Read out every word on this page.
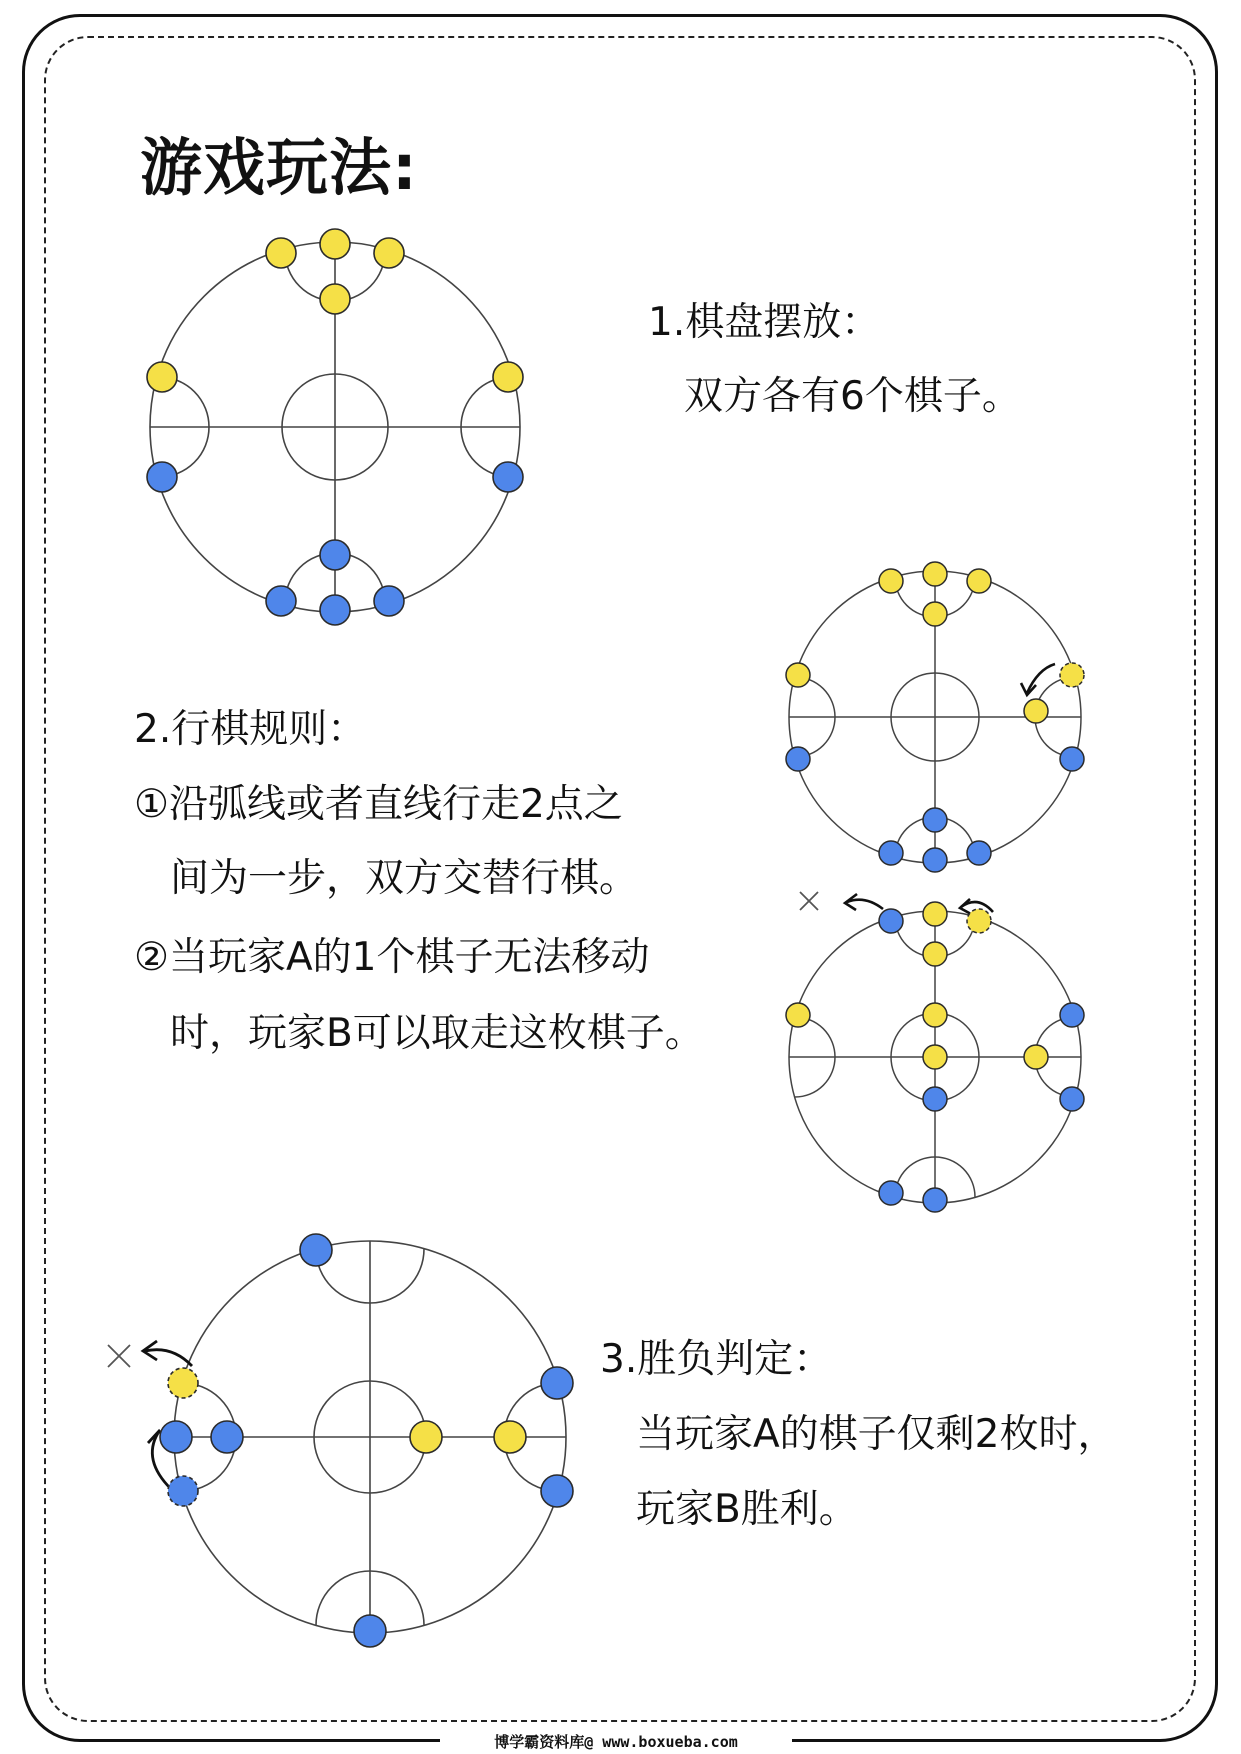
游戏玩法:
1.棋盘摆放：
双方各有6个棋子。
2.行棋规则：
①沿弧线或者直线行走2点之
间为一步，双方交替行棋。
②当玩家A的1个棋子无法移动
时，玩家B可以取走这枚棋子。
3.胜负判定：
当玩家A的棋子仅剩2枚时，
玩家B胜利。
博学霸资料库@ www.boxueba.com
